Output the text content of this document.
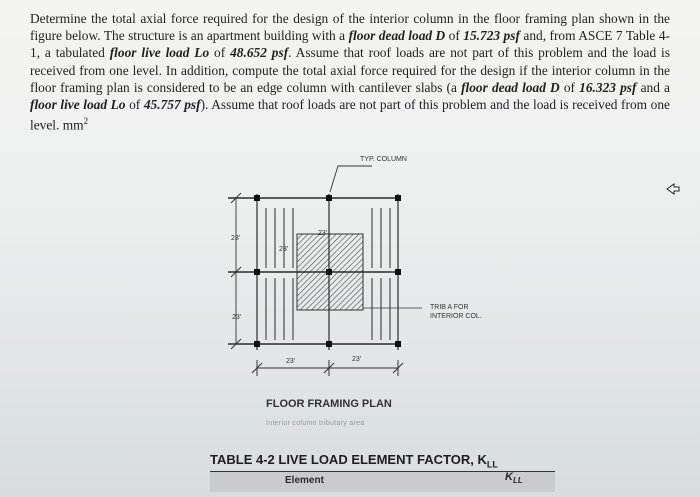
Determine the total axial force required for the design of the interior column in the floor framing plan shown in the figure below. The structure is an apartment building with a floor dead load D of 15.723 psf and, from ASCE 7 Table 4-1, a tabulated floor live load Lo of 48.652 psf. Assume that roof loads are not part of this problem and the load is received from one level. In addition, compute the total axial force required for the design if the interior column in the floor framing plan is considered to be an edge column with cantilever slabs (a floor dead load D of 16.323 psf and a floor live load Lo of 45.757 psf). Assume that roof loads are not part of this problem and the load is received from one level. $mm^2$
TYP. COLUMN
23'
23'
23'
23'
23'	23'
TRIB A FOR
INTERIOR COL.
FLOOR FRAMING PLAN
Interior column tributary area
TABLE 4-2 LIVE LOAD ELEMENT FACTOR, $K_{LL}$
Element	$K_{LL}$
